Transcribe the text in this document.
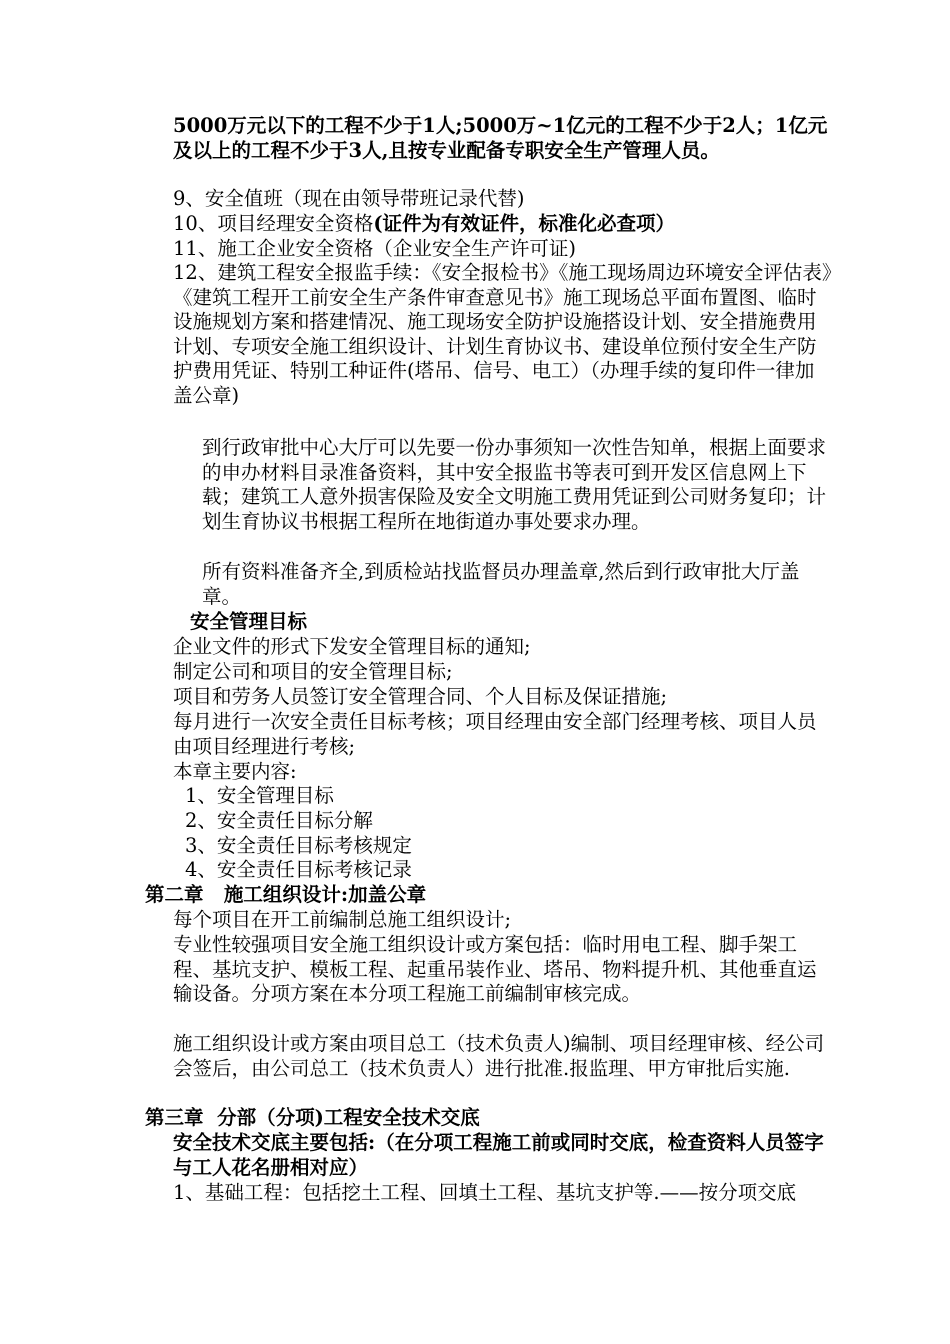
5000万元以下的工程不少于1人;5000万~1亿元的工程不少于2人；1亿元及以上的工程不少于3人,且按专业配备专职安全生产管理人员。

9、安全值班（现在由领导带班记录代替)

10、项目经理安全资格(证件为有效证件，标准化必查项）

11、施工企业安全资格（企业安全生产许可证)

12、建筑工程安全报监手续：《安全报检书》《施工现场周边环境安全评估表》《建筑工程开工前安全生产条件审查意见书》施工现场总平面布置图、临时设施规划方案和搭建情况、施工现场安全防护设施搭设计划、安全措施费用计划、专项安全施工组织设计、计划生育协议书、建设单位预付安全生产防护费用凭证、特别工种证件(塔吊、信号、电工）（办理手续的复印件一律加盖公章)

到行政审批中心大厅可以先要一份办事须知一次性告知单，根据上面要求的申办材料目录准备资料，其中安全报监书等表可到开发区信息网上下载；建筑工人意外损害保险及安全文明施工费用凭证到公司财务复印；计划生育协议书根据工程所在地街道办事处要求办理。

所有资料准备齐全,到质检站找监督员办理盖章,然后到行政审批大厅盖章。

安全管理目标

企业文件的形式下发安全管理目标的通知;

制定公司和项目的安全管理目标;

项目和劳务人员签订安全管理合同、个人目标及保证措施;

每月进行一次安全责任目标考核；项目经理由安全部门经理考核、项目人员由项目经理进行考核;

本章主要内容:

1、安全管理目标

2、安全责任目标分解

3、安全责任目标考核规定

4、安全责任目标考核记录

第二章   施工组织设计:加盖公章

每个项目在开工前编制总施工组织设计;

专业性较强项目安全施工组织设计或方案包括：临时用电工程、脚手架工程、基坑支护、模板工程、起重吊装作业、塔吊、物料提升机、其他垂直运输设备。分项方案在本分项工程施工前编制审核完成。

施工组织设计或方案由项目总工（技术负责人)编制、项目经理审核、经公司会签后，由公司总工（技术负责人）进行批准.报监理、甲方审批后实施.

第三章  分部（分项)工程安全技术交底

安全技术交底主要包括:（在分项工程施工前或同时交底，检查资料人员签字与工人花名册相对应）

1、基础工程：包括挖土工程、回填土工程、基坑支护等.——按分项交底
